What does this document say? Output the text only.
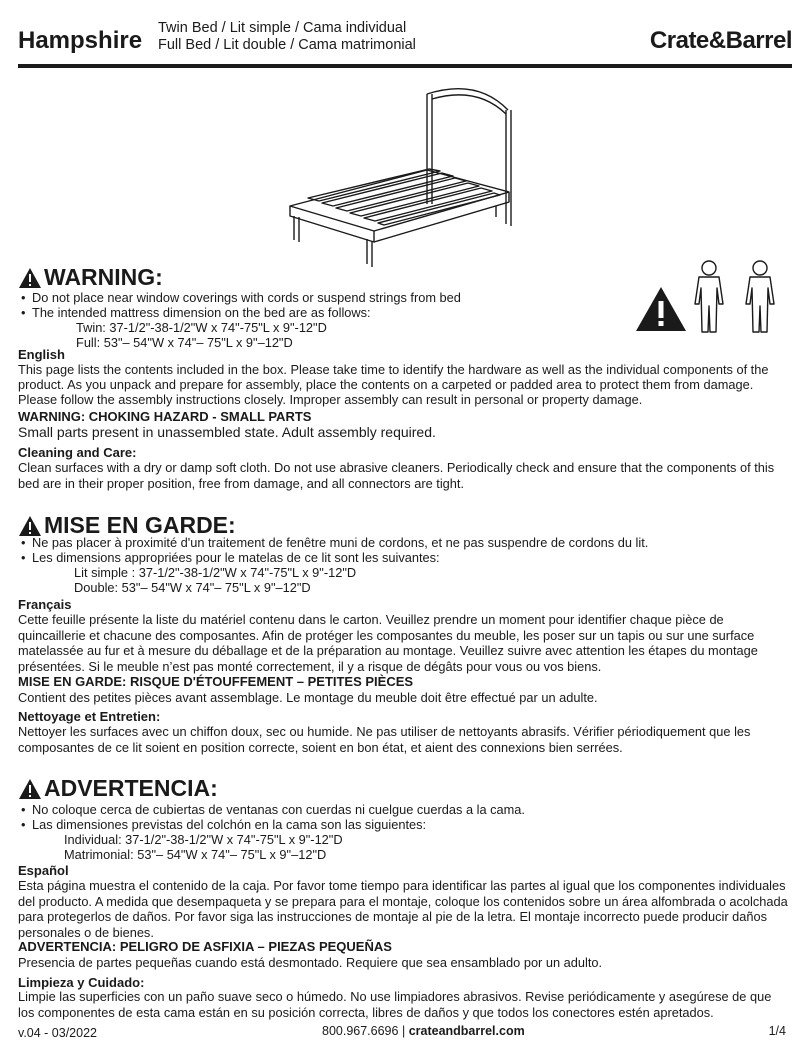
Hampshire Twin Bed / Lit simple / Cama individual
Full Bed / Lit double / Cama matrimonial	Crate&Barrel
WARNING:
• Do not place near window coverings with cords or suspend strings from bed
• The intended mattress dimension on the bed are as follows:
Twin: 37-1/2"-38-1/2"W x 74"-75"L x 9"-12"D
Full: 53"– 54"W x 74"– 75"L x 9"–12"D
English

This page lists the contents included in the box. Please take time to identify the hardware as well as the individual components of the product. As you unpack and prepare for assembly, place the contents on a carpeted or padded area to protect them from damage. Please follow the assembly instructions closely. Improper assembly can result in personal or property damage.

WARNING: CHOKING HAZARD - SMALL PARTS
Small parts present in unassembled state. Adult assembly required.
Cleaning and Care:

Clean surfaces with a dry or damp soft cloth. Do not use abrasive cleaners. Periodically check and ensure that the components of this bed are in their proper position, free from damage, and all connectors are tight.

MISE EN GARDE:
• Ne pas placer à proximité d'un traitement de fenêtre muni de cordons, et ne pas suspendre de cordons du lit.
• Les dimensions appropriées pour le matelas de ce lit sont les suivantes:
Lit simple : 37-1/2"-38-1/2"W x 74"-75"L x 9"-12"D
Double: 53"– 54"W x 74"– 75"L x 9"–12"D
Français

Cette feuille présente la liste du matériel contenu dans le carton. Veuillez prendre un moment pour identifier chaque pièce de quincaillerie et chacune des composantes. Afin de protéger les composantes du meuble, les poser sur un tapis ou sur une surface matelassée au fur et à mesure du déballage et de la préparation au montage. Veuillez suivre avec attention les étapes du montage présentées. Si le meuble n’est pas monté correctement, il y a risque de dégâts pour vous ou vos biens.

MISE EN GARDE: RISQUE D'ÉTOUFFEMENT – PETITES PIÈCES
Contient des petites pièces avant assemblage. Le montage du meuble doit être effectué par un adulte.
Nettoyage et Entretien:

Nettoyer les surfaces avec un chiffon doux, sec ou humide. Ne pas utiliser de nettoyants abrasifs. Vérifier périodiquement que les composantes de ce lit soient en position correcte, soient en bon état, et aient des connexions bien serrées.

ADVERTENCIA:
• No coloque cerca de cubiertas de ventanas con cuerdas ni cuelgue cuerdas a la cama.
• Las dimensiones previstas del colchón en la cama son las siguientes:
Individual: 37-1/2"-38-1/2"W x 74"-75"L x 9"-12"D
Matrimonial: 53"– 54"W x 74"– 75"L x 9"–12"D
Español

Esta página muestra el contenido de la caja. Por favor tome tiempo para identificar las partes al igual que los componentes individuales del producto. A medida que desempaqueta y se prepara para el montaje, coloque los contenidos sobre un área alfombrada o acolchada para protegerlos de daños. Por favor siga las instrucciones de montaje al pie de la letra. El montaje incorrecto puede producir daños personales o de bienes.

ADVERTENCIA: PELIGRO DE ASFIXIA – PIEZAS PEQUEÑAS
Presencia de partes pequeñas cuando está desmontado. Requiere que sea ensamblado por un adulto.
Limpieza y Cuidado:

Limpie las superficies con un paño suave seco o húmedo. No use limpiadores abrasivos. Revise periódicamente y asegúrese de que los componentes de esta cama están en su posición correcta, libres de daños y que todos los conectores estén apretados.

v.04 - 03/2022	800.967.6696 | crateandbarrel.com	1/4
